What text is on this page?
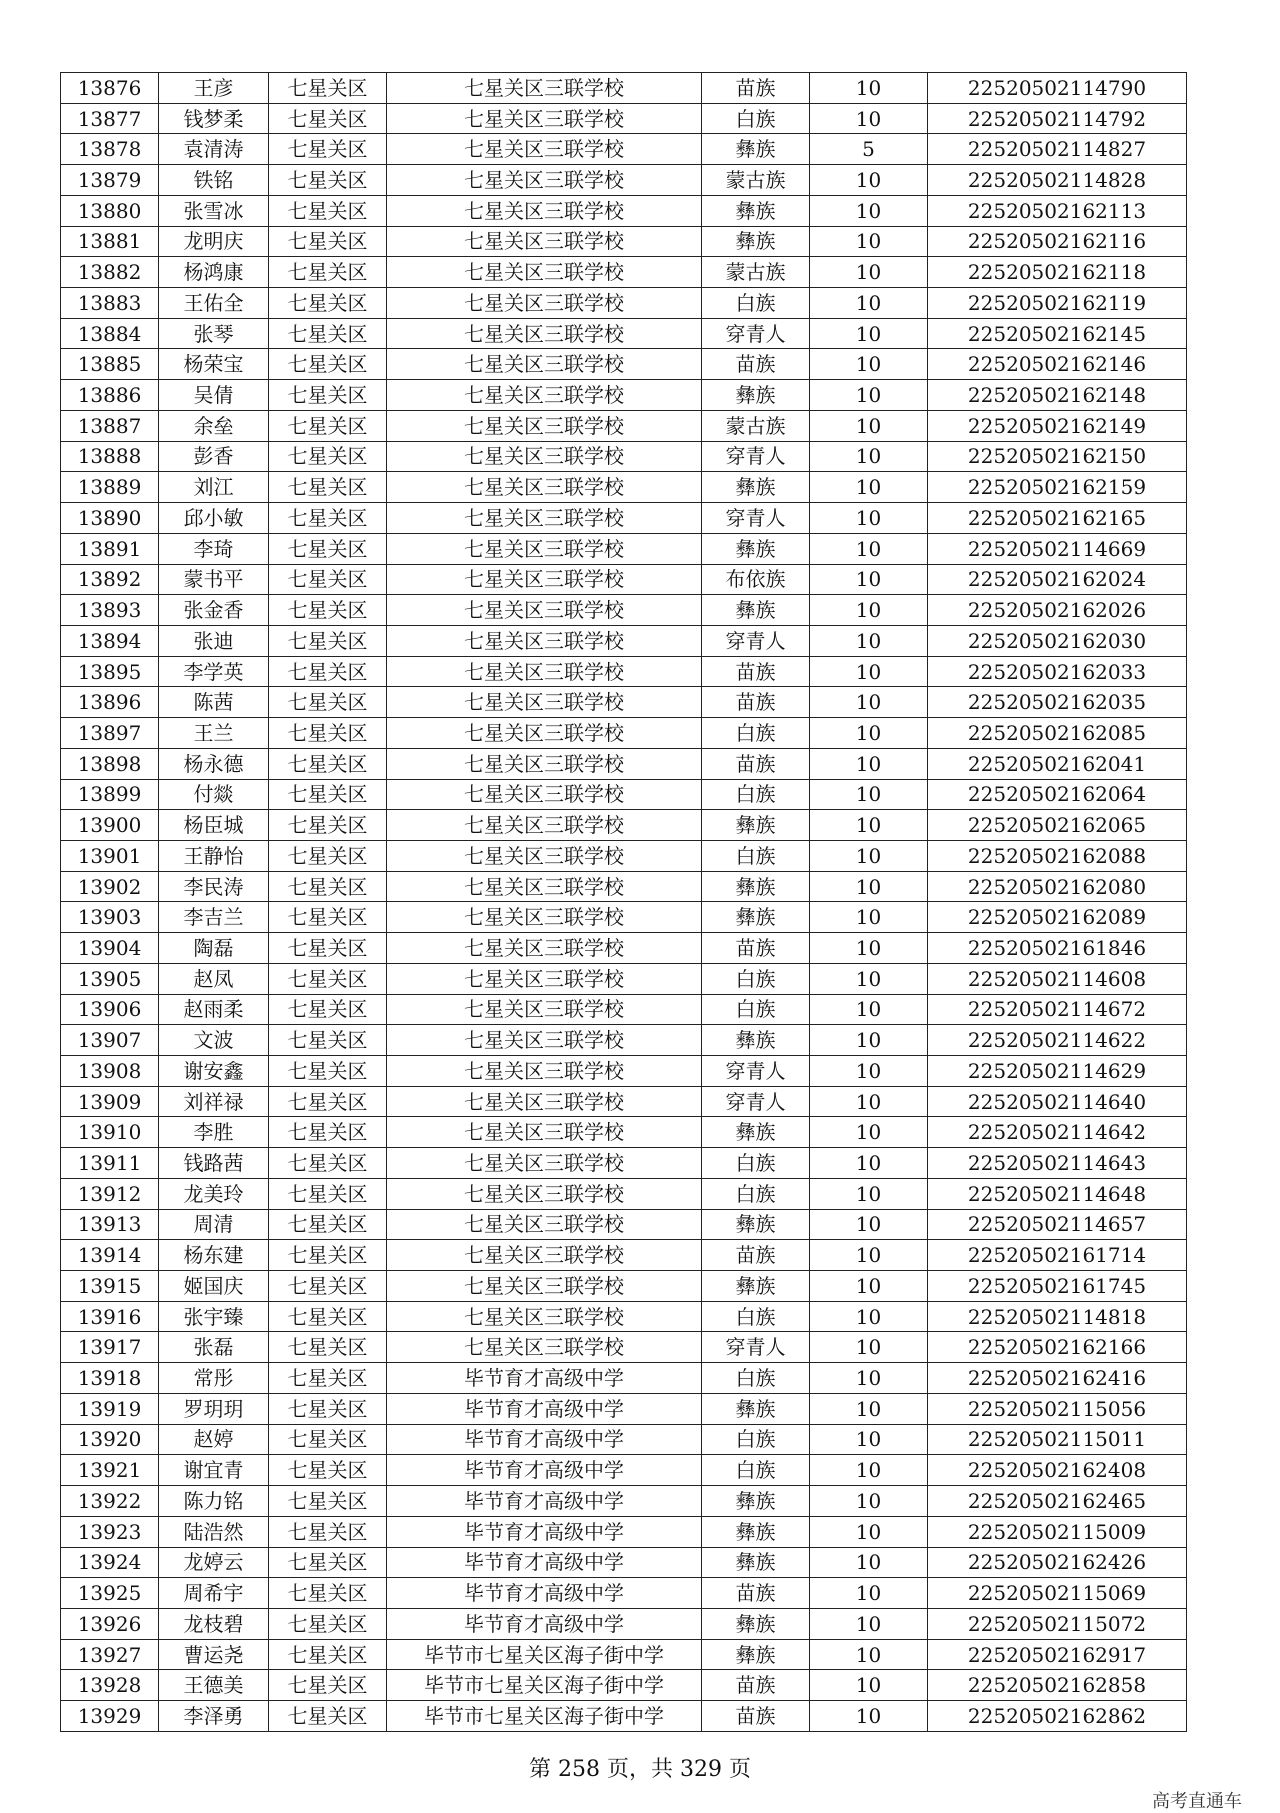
13876	王彦	七星关区	七星关区三联学校	苗族	10	22520502114790
13877	钱梦柔	七星关区	七星关区三联学校	白族	10	22520502114792
13878	袁清涛	七星关区	七星关区三联学校	彝族	5	22520502114827
13879	铁铭	七星关区	七星关区三联学校	蒙古族	10	22520502114828
13880	张雪冰	七星关区	七星关区三联学校	彝族	10	22520502162113
13881	龙明庆	七星关区	七星关区三联学校	彝族	10	22520502162116
13882	杨鸿康	七星关区	七星关区三联学校	蒙古族	10	22520502162118
13883	王佑全	七星关区	七星关区三联学校	白族	10	22520502162119
13884	张琴	七星关区	七星关区三联学校	穿青人	10	22520502162145
13885	杨荣宝	七星关区	七星关区三联学校	苗族	10	22520502162146
13886	吴倩	七星关区	七星关区三联学校	彝族	10	22520502162148
13887	余垒	七星关区	七星关区三联学校	蒙古族	10	22520502162149
13888	彭香	七星关区	七星关区三联学校	穿青人	10	22520502162150
13889	刘江	七星关区	七星关区三联学校	彝族	10	22520502162159
13890	邱小敏	七星关区	七星关区三联学校	穿青人	10	22520502162165
13891	李琦	七星关区	七星关区三联学校	彝族	10	22520502114669
13892	蒙书平	七星关区	七星关区三联学校	布依族	10	22520502162024
13893	张金香	七星关区	七星关区三联学校	彝族	10	22520502162026
13894	张迪	七星关区	七星关区三联学校	穿青人	10	22520502162030
13895	李学英	七星关区	七星关区三联学校	苗族	10	22520502162033
13896	陈茜	七星关区	七星关区三联学校	苗族	10	22520502162035
13897	王兰	七星关区	七星关区三联学校	白族	10	22520502162085
13898	杨永德	七星关区	七星关区三联学校	苗族	10	22520502162041
13899	付燚	七星关区	七星关区三联学校	白族	10	22520502162064
13900	杨臣城	七星关区	七星关区三联学校	彝族	10	22520502162065
13901	王静怡	七星关区	七星关区三联学校	白族	10	22520502162088
13902	李民涛	七星关区	七星关区三联学校	彝族	10	22520502162080
13903	李吉兰	七星关区	七星关区三联学校	彝族	10	22520502162089
13904	陶磊	七星关区	七星关区三联学校	苗族	10	22520502161846
13905	赵凤	七星关区	七星关区三联学校	白族	10	22520502114608
13906	赵雨柔	七星关区	七星关区三联学校	白族	10	22520502114672
13907	文波	七星关区	七星关区三联学校	彝族	10	22520502114622
13908	谢安鑫	七星关区	七星关区三联学校	穿青人	10	22520502114629
13909	刘祥禄	七星关区	七星关区三联学校	穿青人	10	22520502114640
13910	李胜	七星关区	七星关区三联学校	彝族	10	22520502114642
13911	钱路茜	七星关区	七星关区三联学校	白族	10	22520502114643
13912	龙美玲	七星关区	七星关区三联学校	白族	10	22520502114648
13913	周清	七星关区	七星关区三联学校	彝族	10	22520502114657
13914	杨东建	七星关区	七星关区三联学校	苗族	10	22520502161714
13915	姬国庆	七星关区	七星关区三联学校	彝族	10	22520502161745
13916	张宇臻	七星关区	七星关区三联学校	白族	10	22520502114818
13917	张磊	七星关区	七星关区三联学校	穿青人	10	22520502162166
13918	常彤	七星关区	毕节育才高级中学	白族	10	22520502162416
13919	罗玥玥	七星关区	毕节育才高级中学	彝族	10	22520502115056
13920	赵婷	七星关区	毕节育才高级中学	白族	10	22520502115011
13921	谢宜青	七星关区	毕节育才高级中学	白族	10	22520502162408
13922	陈力铭	七星关区	毕节育才高级中学	彝族	10	22520502162465
13923	陆浩然	七星关区	毕节育才高级中学	彝族	10	22520502115009
13924	龙婷云	七星关区	毕节育才高级中学	彝族	10	22520502162426
13925	周希宇	七星关区	毕节育才高级中学	苗族	10	22520502115069
13926	龙枝碧	七星关区	毕节育才高级中学	彝族	10	22520502115072
13927	曹运尧	七星关区	毕节市七星关区海子街中学	彝族	10	22520502162917
13928	王德美	七星关区	毕节市七星关区海子街中学	苗族	10	22520502162858
13929	李泽勇	七星关区	毕节市七星关区海子街中学	苗族	10	22520502162862
第 258 页，共 329 页
高考直通车
